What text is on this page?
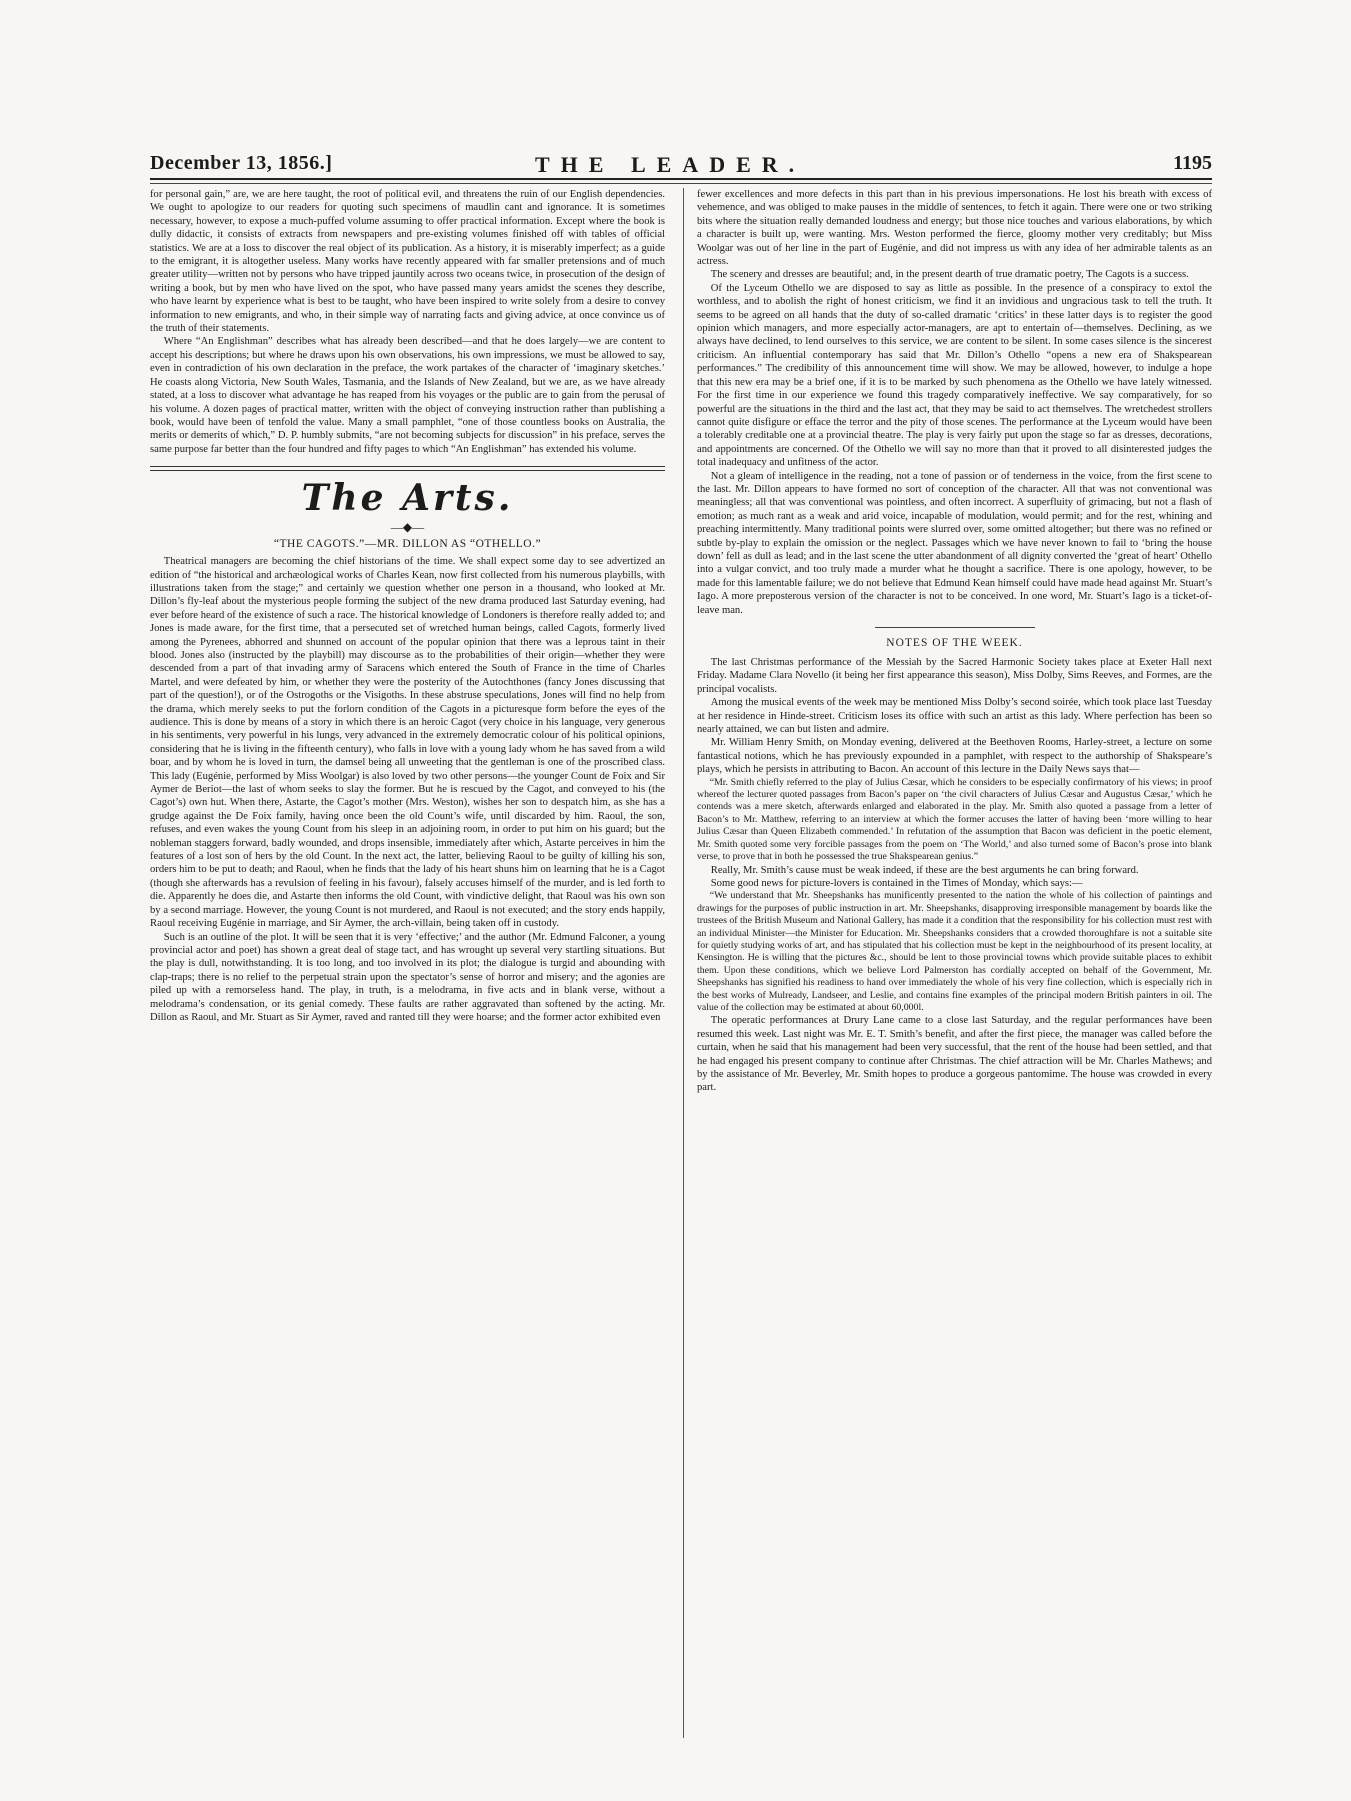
December 13, 1856.]	THE LEADER.	1195

for personal gain,” are, we are here taught, the root of political evil, and threatens the ruin of our English dependencies. We ought to apologize to our readers for quoting such specimens of maudlin cant and ignorance. It is sometimes necessary, however, to expose a much-puffed volume assuming to offer practical information. Except where the book is dully didactic, it consists of extracts from newspapers and pre-existing volumes finished off with tables of official statistics. We are at a loss to discover the real object of its publication. As a history, it is miserably imperfect; as a guide to the emigrant, it is altogether useless. Many works have recently appeared with far smaller pretensions and of much greater utility—written not by persons who have tripped jauntily across two oceans twice, in prosecution of the design of writing a book, but by men who have lived on the spot, who have passed many years amidst the scenes they describe, who have learnt by experience what is best to be taught, who have been inspired to write solely from a desire to convey information to new emigrants, and who, in their simple way of narrating facts and giving advice, at once convince us of the truth of their statements.

Where “An Englishman” describes what has already been described—and that he does largely—we are content to accept his descriptions; but where he draws upon his own observations, his own impressions, we must be allowed to say, even in contradiction of his own declaration in the preface, the work partakes of the character of ‘imaginary sketches.’ He coasts along Victoria, New South Wales, Tasmania, and the Islands of New Zealand, but we are, as we have already stated, at a loss to discover what advantage he has reaped from his voyages or the public are to gain from the perusal of his volume. A dozen pages of practical matter, written with the object of conveying instruction rather than publishing a book, would have been of tenfold the value. Many a small pamphlet, “one of those countless books on Australia, the merits or demerits of which,” D. P. humbly submits, “are not becoming subjects for discussion” in his preface, serves the same purpose far better than the four hundred and fifty pages to which “An Englishman” has extended his volume.

The Arts.
—◆—
“THE CAGOTS.”—MR. DILLON AS “OTHELLO.”

Theatrical managers are becoming the chief historians of the time. We shall expect some day to see advertized an edition of “the historical and archæological works of Charles Kean, now first collected from his numerous playbills, with illustrations taken from the stage;” and certainly we question whether one person in a thousand, who looked at Mr. Dillon’s fly-leaf about the mysterious people forming the subject of the new drama produced last Saturday evening, had ever before heard of the existence of such a race. The historical knowledge of Londoners is therefore really added to; and Jones is made aware, for the first time, that a persecuted set of wretched human beings, called Cagots, formerly lived among the Pyrenees, abhorred and shunned on account of the popular opinion that there was a leprous taint in their blood. Jones also (instructed by the playbill) may discourse as to the probabilities of their origin—whether they were descended from a part of that invading army of Saracens which entered the South of France in the time of Charles Martel, and were defeated by him, or whether they were the posterity of the Autochthones (fancy Jones discussing that part of the question!), or of the Ostrogoths or the Visigoths. In these abstruse speculations, Jones will find no help from the drama, which merely seeks to put the forlorn condition of the Cagots in a picturesque form before the eyes of the audience. This is done by means of a story in which there is an heroic Cagot (very choice in his language, very generous in his sentiments, very powerful in his lungs, very advanced in the extremely democratic colour of his political opinions, considering that he is living in the fifteenth century), who falls in love with a young lady whom he has saved from a wild boar, and by whom he is loved in turn, the damsel being all unweeting that the gentleman is one of the proscribed class. This lady (Eugénie, performed by Miss Woolgar) is also loved by two other persons—the younger Count de Foix and Sir Aymer de Beriot—the last of whom seeks to slay the former. But he is rescued by the Cagot, and conveyed to his (the Cagot’s) own hut. When there, Astarte, the Cagot’s mother (Mrs. Weston), wishes her son to despatch him, as she has a grudge against the De Foix family, having once been the old Count’s wife, until discarded by him. Raoul, the son, refuses, and even wakes the young Count from his sleep in an adjoining room, in order to put him on his guard; but the nobleman staggers forward, badly wounded, and drops insensible, immediately after which, Astarte perceives in him the features of a lost son of hers by the old Count. In the next act, the latter, believing Raoul to be guilty of killing his son, orders him to be put to death; and Raoul, when he finds that the lady of his heart shuns him on learning that he is a Cagot (though she afterwards has a revulsion of feeling in his favour), falsely accuses himself of the murder, and is led forth to die. Apparently he does die, and Astarte then informs the old Count, with vindictive delight, that Raoul was his own son by a second marriage. However, the young Count is not murdered, and Raoul is not executed; and the story ends happily, Raoul receiving Eugénie in marriage, and Sir Aymer, the arch-villain, being taken off in custody.

Such is an outline of the plot. It will be seen that it is very ‘effective;’ and the author (Mr. Edmund Falconer, a young provincial actor and poet) has shown a great deal of stage tact, and has wrought up several very startling situations. But the play is dull, notwithstanding. It is too long, and too involved in its plot; the dialogue is turgid and abounding with clap-traps; there is no relief to the perpetual strain upon the spectator’s sense of horror and misery; and the agonies are piled up with a remorseless hand. The play, in truth, is a melodrama, in five acts and in blank verse, without a melodrama’s condensation, or its genial comedy. These faults are rather aggravated than softened by the acting. Mr. Dillon as Raoul, and Mr. Stuart as Sir Aymer, raved and ranted till they were hoarse; and the former actor exhibited even

fewer excellences and more defects in this part than in his previous impersonations. He lost his breath with excess of vehemence, and was obliged to make pauses in the middle of sentences, to fetch it again. There were one or two striking bits where the situation really demanded loudness and energy; but those nice touches and various elaborations, by which a character is built up, were wanting. Mrs. Weston performed the fierce, gloomy mother very creditably; but Miss Woolgar was out of her line in the part of Eugénie, and did not impress us with any idea of her admirable talents as an actress.

The scenery and dresses are beautiful; and, in the present dearth of true dramatic poetry, The Cagots is a success.

Of the Lyceum Othello we are disposed to say as little as possible. In the presence of a conspiracy to extol the worthless, and to abolish the right of honest criticism, we find it an invidious and ungracious task to tell the truth. It seems to be agreed on all hands that the duty of so-called dramatic ‘critics’ in these latter days is to register the good opinion which managers, and more especially actor-managers, are apt to entertain of—themselves. Declining, as we always have declined, to lend ourselves to this service, we are content to be silent. In some cases silence is the sincerest criticism. An influential contemporary has said that Mr. Dillon’s Othello “opens a new era of Shakspearean performances.” The credibility of this announcement time will show. We may be allowed, however, to indulge a hope that this new era may be a brief one, if it is to be marked by such phenomena as the Othello we have lately witnessed. For the first time in our experience we found this tragedy comparatively ineffective. We say comparatively, for so powerful are the situations in the third and the last act, that they may be said to act themselves. The wretchedest strollers cannot quite disfigure or efface the terror and the pity of those scenes. The performance at the Lyceum would have been a tolerably creditable one at a provincial theatre. The play is very fairly put upon the stage so far as dresses, decorations, and appointments are concerned. Of the Othello we will say no more than that it proved to all disinterested judges the total inadequacy and unfitness of the actor.

Not a gleam of intelligence in the reading, not a tone of passion or of tenderness in the voice, from the first scene to the last. Mr. Dillon appears to have formed no sort of conception of the character. All that was not conventional was meaningless; all that was conventional was pointless, and often incorrect. A superfluity of grimacing, but not a flash of emotion; as much rant as a weak and arid voice, incapable of modulation, would permit; and for the rest, whining and preaching intermittently. Many traditional points were slurred over, some omitted altogether; but there was no refined or subtle by-play to explain the omission or the neglect. Passages which we have never known to fail to ‘bring the house down’ fell as dull as lead; and in the last scene the utter abandonment of all dignity converted the ‘great of heart’ Othello into a vulgar convict, and too truly made a murder what he thought a sacrifice. There is one apology, however, to be made for this lamentable failure; we do not believe that Edmund Kean himself could have made head against Mr. Stuart’s Iago. A more preposterous version of the character is not to be conceived. In one word, Mr. Stuart’s Iago is a ticket-of-leave man.

NOTES OF THE WEEK.

The last Christmas performance of the Messiah by the Sacred Harmonic Society takes place at Exeter Hall next Friday. Madame Clara Novello (it being her first appearance this season), Miss Dolby, Sims Reeves, and Formes, are the principal vocalists.

Among the musical events of the week may be mentioned Miss Dolby’s second soirée, which took place last Tuesday at her residence in Hinde-street. Criticism loses its office with such an artist as this lady. Where perfection has been so nearly attained, we can but listen and admire.

Mr. William Henry Smith, on Monday evening, delivered at the Beethoven Rooms, Harley-street, a lecture on some fantastical notions, which he has previously expounded in a pamphlet, with respect to the authorship of Shakspeare’s plays, which he persists in attributing to Bacon. An account of this lecture in the Daily News says that—

“Mr. Smith chiefly referred to the play of Julius Cæsar, which he considers to be especially confirmatory of his views; in proof whereof the lecturer quoted passages from Bacon’s paper on ‘the civil characters of Julius Cæsar and Augustus Cæsar,’ which he contends was a mere sketch, afterwards enlarged and elaborated in the play. Mr. Smith also quoted a passage from a letter of Bacon’s to Mr. Matthew, referring to an interview at which the former accuses the latter of having been ‘more willing to hear Julius Cæsar than Queen Elizabeth commended.’ In refutation of the assumption that Bacon was deficient in the poetic element, Mr. Smith quoted some very forcible passages from the poem on ‘The World,’ and also turned some of Bacon’s prose into blank verse, to prove that in both he possessed the true Shakspearean genius.”

Really, Mr. Smith’s cause must be weak indeed, if these are the best arguments he can bring forward.

Some good news for picture-lovers is contained in the Times of Monday, which says:—

“We understand that Mr. Sheepshanks has munificently presented to the nation the whole of his collection of paintings and drawings for the purposes of public instruction in art. Mr. Sheepshanks, disapproving irresponsible management by boards like the trustees of the British Museum and National Gallery, has made it a condition that the responsibility for his collection must rest with an individual Minister—the Minister for Education. Mr. Sheepshanks considers that a crowded thoroughfare is not a suitable site for quietly studying works of art, and has stipulated that his collection must be kept in the neighbourhood of its present locality, at Kensington. He is willing that the pictures &c., should be lent to those provincial towns which provide suitable places to exhibit them. Upon these conditions, which we believe Lord Palmerston has cordially accepted on behalf of the Government, Mr. Sheepshanks has signified his readiness to hand over immediately the whole of his very fine collection, which is especially rich in the best works of Mulready, Landseer, and Leslie, and contains fine examples of the principal modern British painters in oil. The value of the collection may be estimated at about 60,000l.

The operatic performances at Drury Lane came to a close last Saturday, and the regular performances have been resumed this week. Last night was Mr. E. T. Smith’s benefit, and after the first piece, the manager was called before the curtain, when he said that his management had been very successful, that the rent of the house had been settled, and that he had engaged his present company to continue after Christmas. The chief attraction will be Mr. Charles Mathews; and by the assistance of Mr. Beverley, Mr. Smith hopes to produce a gorgeous pantomime. The house was crowded in every part.
